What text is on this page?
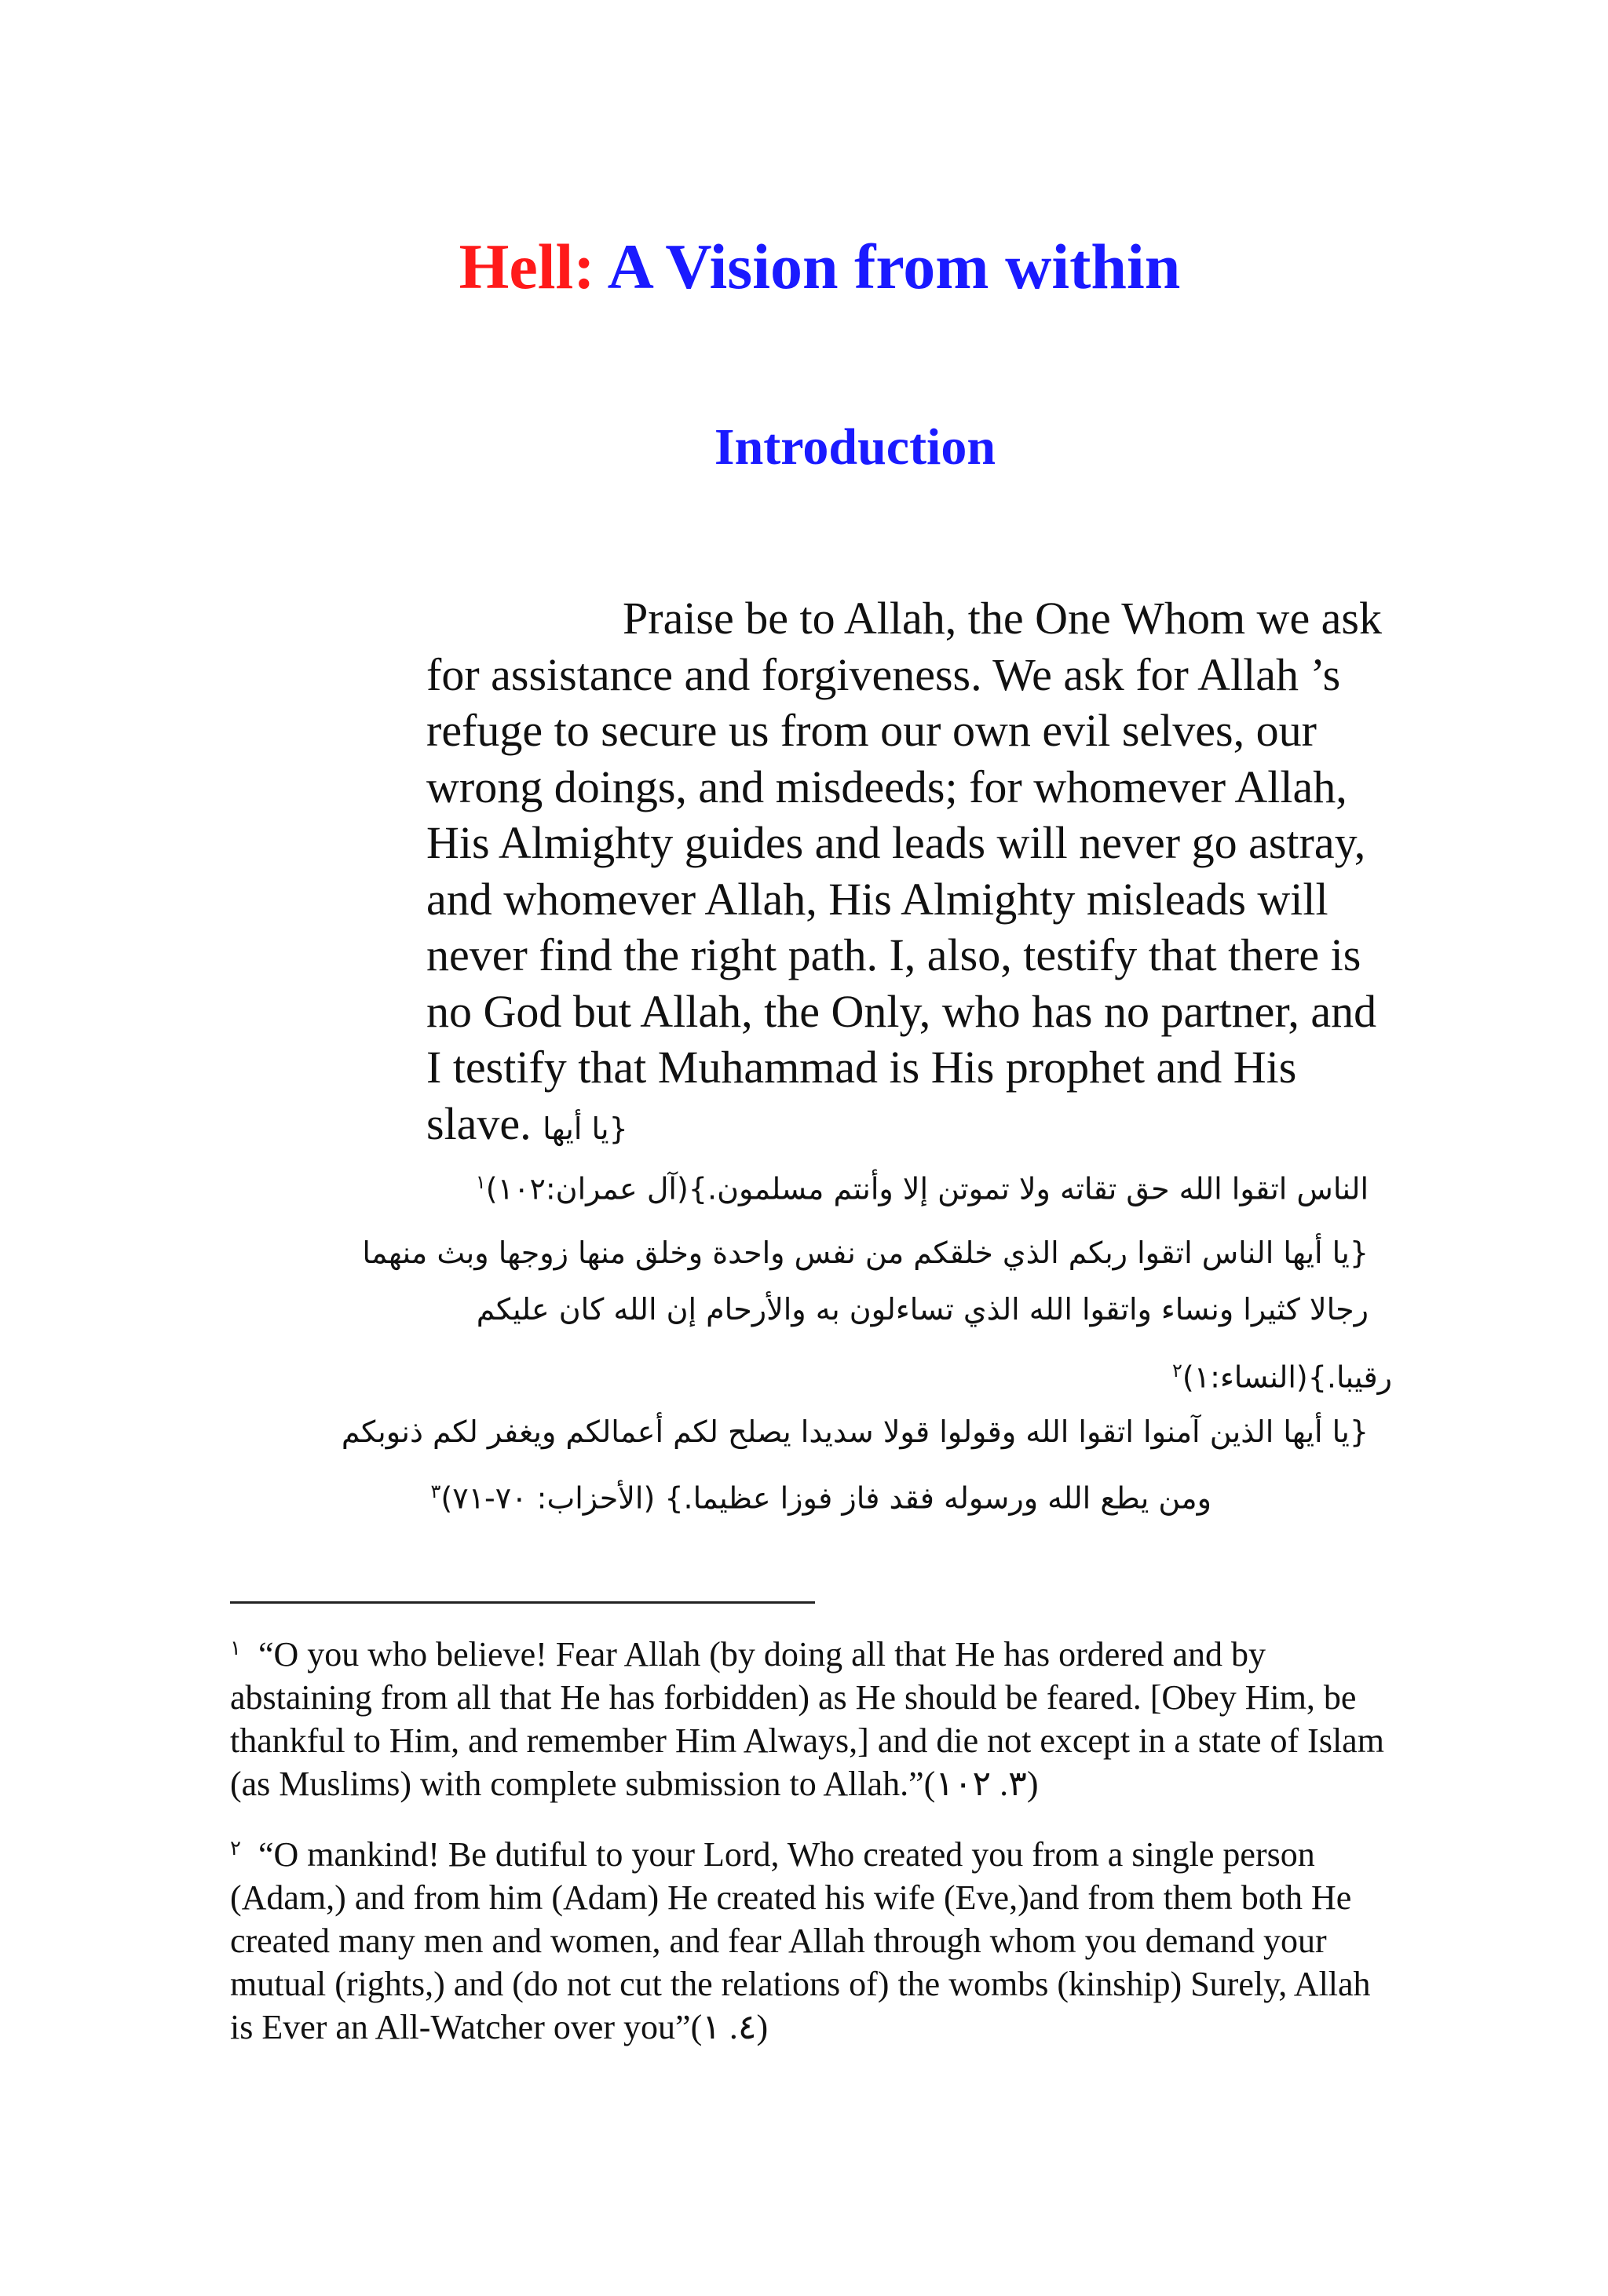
Hell: A Vision from within
Introduction

Praise be to Allah, the One Whom we ask for assistance and forgiveness. We ask for Allah ’s refuge to secure us from our own evil selves, our wrong doings, and misdeeds; for whomever Allah, His Almighty guides and leads will never go astray, and whomever Allah, His Almighty misleads will never find the right path. I, also, testify that there is no God but Allah, the Only, who has no partner, and I testify that Muhammad is His prophet and His slave. {يا أيها

الناس اتقوا الله حق تقاته ولا تموتن إلا وأنتم مسلمون.}(آل عمران:١٠٢)$^١$
{يا أيها الناس اتقوا ربكم الذي خلقكم من نفس واحدة وخلق منها زوجها وبث منهما
رجالا كثيرا ونساء واتقوا الله الذي تساءلون به والأرحام إن الله كان عليكم
رقيبا.}(النساء:١)$^٢$
{يا أيها الذين آمنوا اتقوا الله وقولوا قولا سديدا يصلح لكم أعمالكم ويغفر لكم ذنوبكم
ومن يطع الله ورسوله فقد فاز فوزا عظيما.} (الأحزاب: ٧٠-٧١)$^٣$

١ “O you who believe! Fear Allah (by doing all that He has ordered and by abstaining from all that He has forbidden) as He should be feared. [Obey Him, be thankful to Him, and remember Him Always,] and die not except in a state of Islam (as Muslims) with complete submission to Allah.”(٣. ١٠٢)

٢ “O mankind! Be dutiful to your Lord, Who created you from a single person (Adam,) and from him (Adam) He created his wife (Eve,)and from them both He created many men and women, and fear Allah through whom you demand your mutual (rights,) and (do not cut the relations of) the wombs (kinship) Surely, Allah is Ever an All-Watcher over you”(٤. ١)
